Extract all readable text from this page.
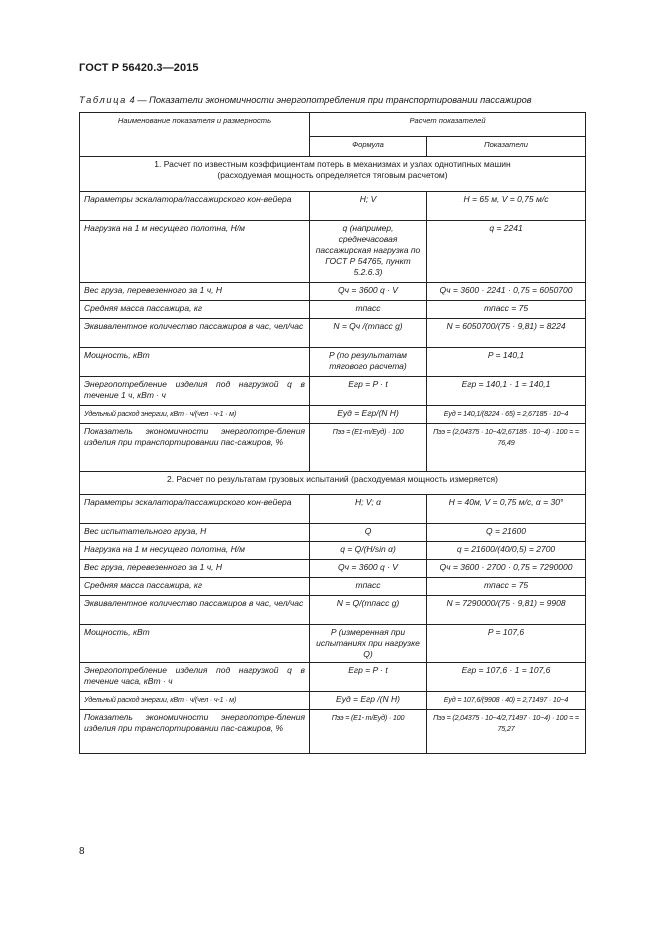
ГОСТ Р 56420.3—2015
Таблица 4 — Показатели экономичности энергопотребления при транспортировании пассажиров
Наименование показателя и размерность	Расчет показателей	
	Формула	Показатели
1. Расчет по известным коэффициентам потерь в механизмах и узлах однотипных машин
(расходуемая мощность определяется тяговым расчетом)		
Параметры эскалатора/пассажирского кон-вейера	H; V	H = 65 м, V = 0,75 м/с
Нагрузка на 1 м несущего полотна, Н/м	q (например, среднечасовая пассажирская нагрузка по ГОСТ Р 54765, пункт 5.2.6.3)	q = 2241
Вес груза, перевезенного за 1 ч, Н	Qч = 3600 q · V	Qч = 3600 · 2241 · 0,75 = 6050700
Средняя масса пассажира, кг	mпасс	mпасс = 75
Эквивалентное количество пассажиров в час, чел/час	N = Qч /(mпасс g)	N = 6050700/(75 · 9,81) = 8224
Мощность, кВт	P (по результатам тягового расчета)	P = 140,1
Энергопотребление изделия под нагрузкой q в течение 1 ч, кВт · ч	Eгр = P · t	Eгр = 140,1 · 1 = 140,1
Удельный расход энергии, кВт · ч/(чел · ч-1 · м)	Eуд = Eгр/(N H)	Eуд = 140,1/(8224 · 65) = 2,67185 · 10−4
Показатель экономичности энергопотре-бления изделия при транспортировании пас-сажиров, %	Пээ = (E1-т/Eуд) · 100	Пээ = (2,04375 · 10−4/2,67185 · 10−4) · 100 = = 76,49
2. Расчет по результатам грузовых испытаний (расходуемая мощность измеряется)		
Параметры эскалатора/пассажирского кон-вейера	H; V; α	H = 40м, V = 0,75 м/с, α = 30°
Вес испытательного груза, Н	Q	Q = 21600
Нагрузка на 1 м несущего полотна, Н/м	q = Q/(H/sin α)	q = 21600/(40/0,5) = 2700
Вес груза, перевезенного за 1 ч, Н	Qч = 3600 q · V	Qч = 3600 · 2700 · 0,75 = 7290000
Средняя масса пассажира, кг	mпасс	mпасс = 75
Эквивалентное количество пассажиров в час, чел/час	N = Q/(mпасс g)	N = 7290000/(75 · 9,81) = 9908
Мощность, кВт	P (измеренная при испытаниях при нагрузке Q)	P = 107,6
Энергопотребление изделия под нагрузкой q в течение часа, кВт · ч	Eгр = P · t	Eгр = 107,6 · 1 = 107,6
Удельный расход энергии, кВт · ч/(чел · ч-1 · м)	Eуд = Eгр /(N H)	Eуд = 107,6/(9908 · 40) = 2,71497 · 10−4
Показатель экономичности энергопотре-бления изделия при транспортировании пас-сажиров, %	Пээ = (E1- т/Eуд) · 100	Пээ = (2,04375 · 10−4/2,71497 · 10−4) · 100 = = 75,27
8
